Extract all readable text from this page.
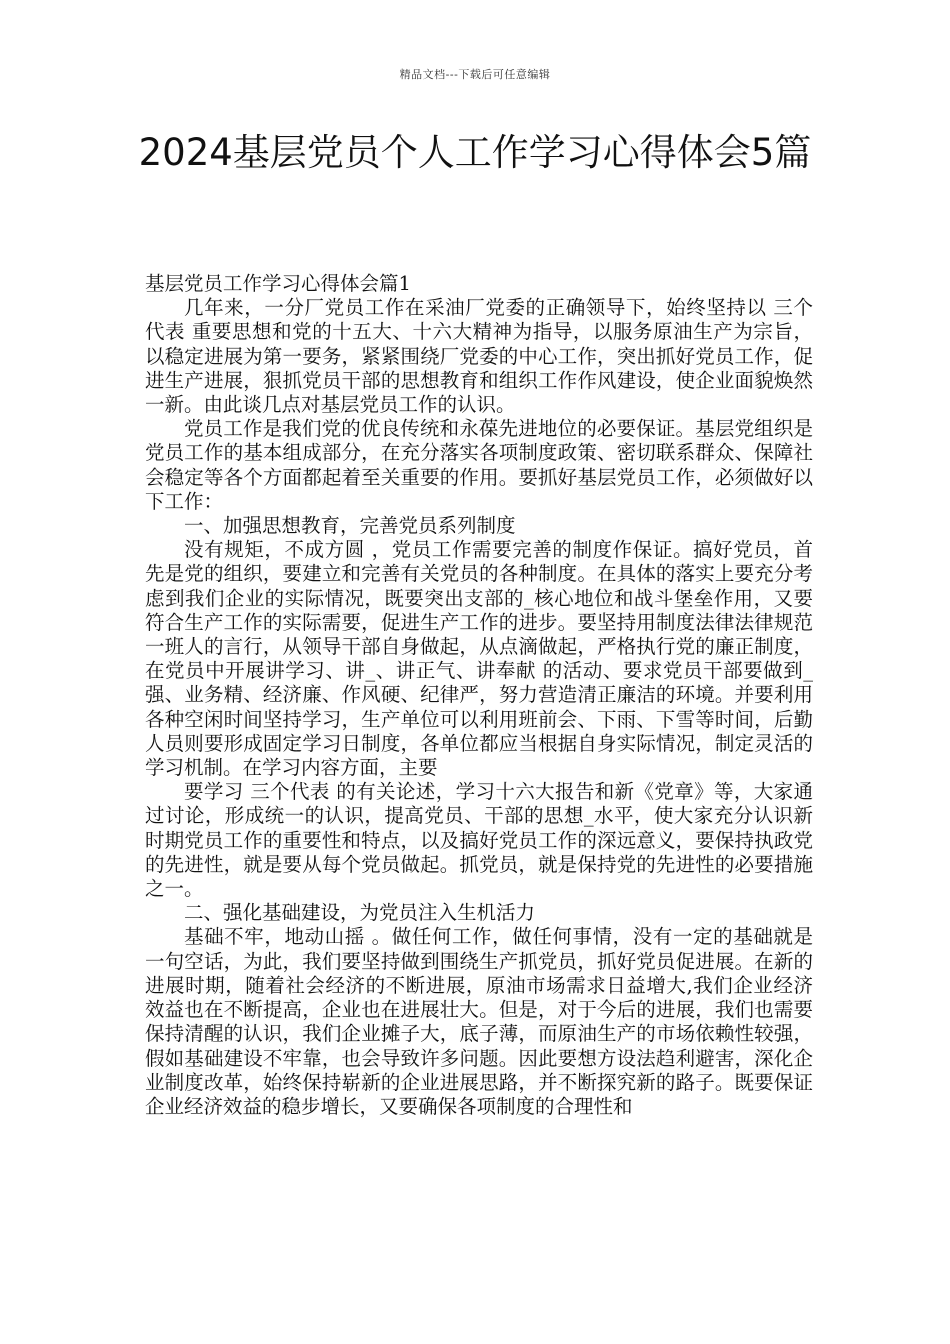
精品文档---下载后可任意编辑
2024基层党员个人工作学习心得体会5篇

基层党员工作学习心得体会篇1

几年来，一分厂党员工作在采油厂党委的正确领导下，始终坚持以 三个代表 重要思想和党的十五大、十六大精神为指导，以服务原油生产为宗旨，以稳定进展为第一要务，紧紧围绕厂党委的中心工作，突出抓好党员工作，促进生产进展，狠抓党员干部的思想教育和组织工作作风建设，使企业面貌焕然一新。由此谈几点对基层党员工作的认识。

党员工作是我们党的优良传统和永葆先进地位的必要保证。基层党组织是党员工作的基本组成部分，在充分落实各项制度政策、密切联系群众、保障社会稳定等各个方面都起着至关重要的作用。要抓好基层党员工作，必须做好以下工作：

一、加强思想教育，完善党员系列制度

没有规矩，不成方圆 ，党员工作需要完善的制度作保证。搞好党员，首先是党的组织，要建立和完善有关党员的各种制度。在具体的落实上要充分考虑到我们企业的实际情况，既要突出支部的_核心地位和战斗堡垒作用，又要符合生产工作的实际需要，促进生产工作的进步。要坚持用制度法律法律规范一班人的言行，从领导干部自身做起，从点滴做起，严格执行党的廉正制度，在党员中开展讲学习、讲_、讲正气、讲奉献 的活动、要求党员干部要做到_强、业务精、经济廉、作风硬、纪律严，努力营造清正廉洁的环境。并要利用各种空闲时间坚持学习，生产单位可以利用班前会、下雨、下雪等时间，后勤人员则要形成固定学习日制度，各单位都应当根据自身实际情况，制定灵活的学习机制。在学习内容方面，主要

要学习 三个代表 的有关论述，学习十六大报告和新《党章》等，大家通过讨论，形成统一的认识，提高党员、干部的思想_水平，使大家充分认识新时期党员工作的重要性和特点，以及搞好党员工作的深远意义，要保持执政党的先进性，就是要从每个党员做起。抓党员，就是保持党的先进性的必要措施之一。

二、强化基础建设，为党员注入生机活力

基础不牢，地动山摇 。做任何工作，做任何事情，没有一定的基础就是一句空话，为此，我们要坚持做到围绕生产抓党员，抓好党员促进展。在新的进展时期，随着社会经济的不断进展，原油市场需求日益增大,我们企业经济效益也在不断提高，企业也在进展壮大。但是，对于今后的进展，我们也需要保持清醒的认识，我们企业摊子大，底子薄，而原油生产的市场依赖性较强，假如基础建设不牢靠，也会导致许多问题。因此要想方设法趋利避害，深化企业制度改革，始终保持崭新的企业进展思路，并不断探究新的路子。既要保证企业经济效益的稳步增长，又要确保各项制度的合理性和
